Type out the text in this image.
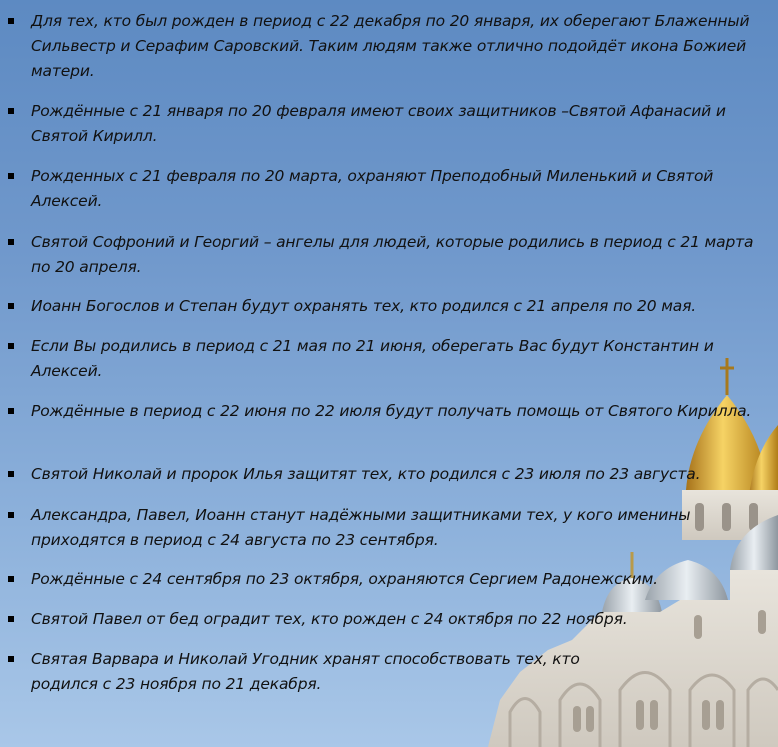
Для тех, кто был рожден в период с 22 декабря по 20 января, их оберегают Блаженный Сильвестр и Серафим Саровский. Таким людям также отлично подойдёт икона Божией матери.
Рождённые с 21 января по 20 февраля имеют своих защитников –Святой Афанасий и Святой Кирилл.
Рожденных с 21 февраля по 20 марта, охраняют Преподобный Миленький и Святой Алексей.
Святой Софроний и Георгий – ангелы для людей, которые родились в период с 21 марта по 20 апреля.
Иоанн Богослов и Степан будут охранять тех, кто родился с 21 апреля по 20 мая.
Если Вы родились в период с 21 мая по 21 июня, оберегать Вас будут Константин и Алексей.
Рождённые в период с 22 июня по 22 июля будут получать помощь от Святого Кирилла.
Святой Николай и пророк Илья защитят тех, кто родился с 23 июля по 23 августа.
Александра, Павел, Иоанн станут надёжными защитниками тех, у кого именины приходятся в период с 24 августа по 23 сентября.
Рождённые с 24 сентября по 23 октября, охраняются Сергием Радонежским.
Святой Павел от бед оградит тех, кто рожден с 24 октября по 22 ноября.
Святая Варвара и Николай Угодник хранят способствовать тех, кто родился с 23 ноября по 21 декабря.
